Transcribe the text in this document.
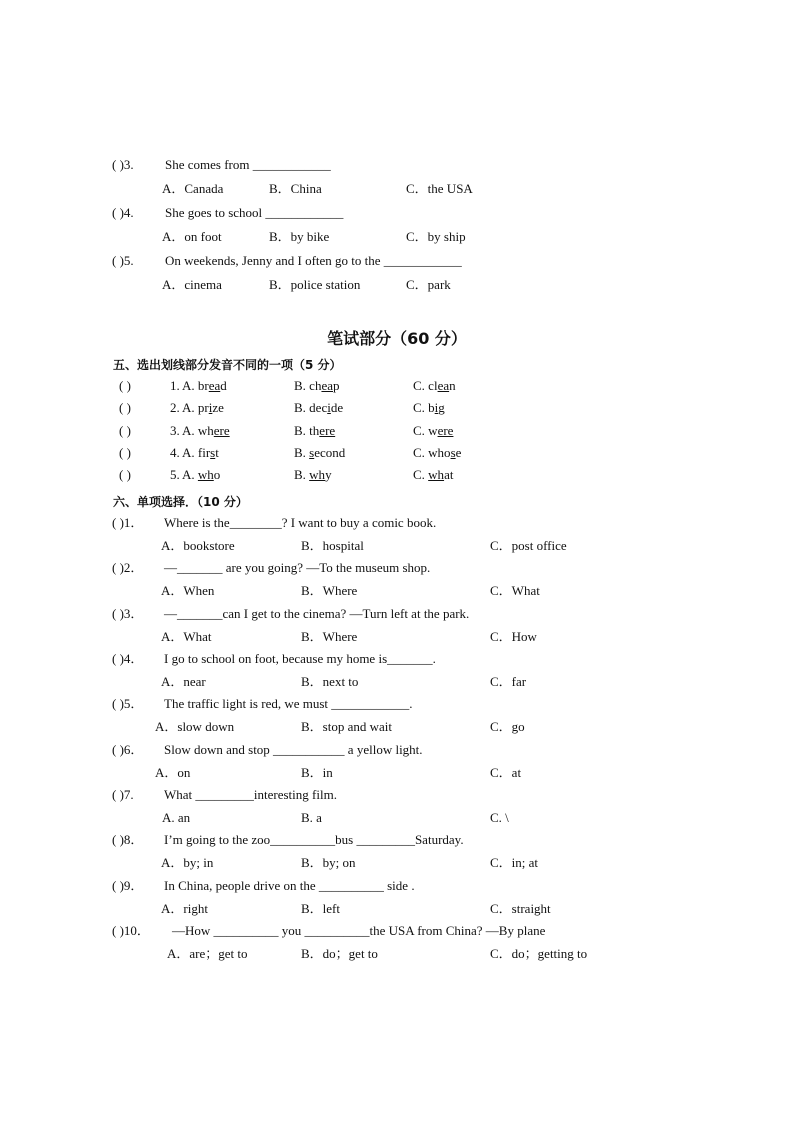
( )3. She comes from ____________
A．Canada	B．China	C．the USA
( )4. She goes to school ____________
A．on foot	B．by bike	C．by ship
( )5. On weekends, Jenny and I often go to the ____________
A．cinema	B．police station	C．park
笔试部分（60 分）
五、选出划线部分发音不同的一项（5 分）
( )	1. A. bread	B. cheap	C. clean
( )	2. A. prize	B. decide	C. big
( )	3. A. where	B. there	C. were
( )	4. A. first	B. second	C. whose
( )	5. A. who	B. why	C. what
六、单项选择．（10 分）
( )1． Where is the________? I want to buy a comic book.
A．bookstore	B．hospital	C．post office
( )2． —_______ are you going? —To the museum shop.
A．When	B．Where	C．What
( )3． —_______can I get to the cinema? —Turn left at the park.
A．What	B．Where	C．How
( )4． I go to school on foot, because my home is_______.
A．near	B．next to	C．far
( )5． The traffic light is red, we must ____________.
A．slow down	B．stop and wait	C．go
( )6． Slow down and stop ___________ a yellow light.
A．on	B．in	C．at
( )7. What _________interesting film.
A. an	B. a	C. \
( )8． I’m going to the zoo__________bus _________Saturday.
A．by; in	B．by; on	C．in; at
( )9． In China, people drive on the __________ side .
A．right	B．left	C．straight
( )10． —How __________ you __________the USA from China? —By plane
A．are；get to	B．do；get to	C．do；getting to
